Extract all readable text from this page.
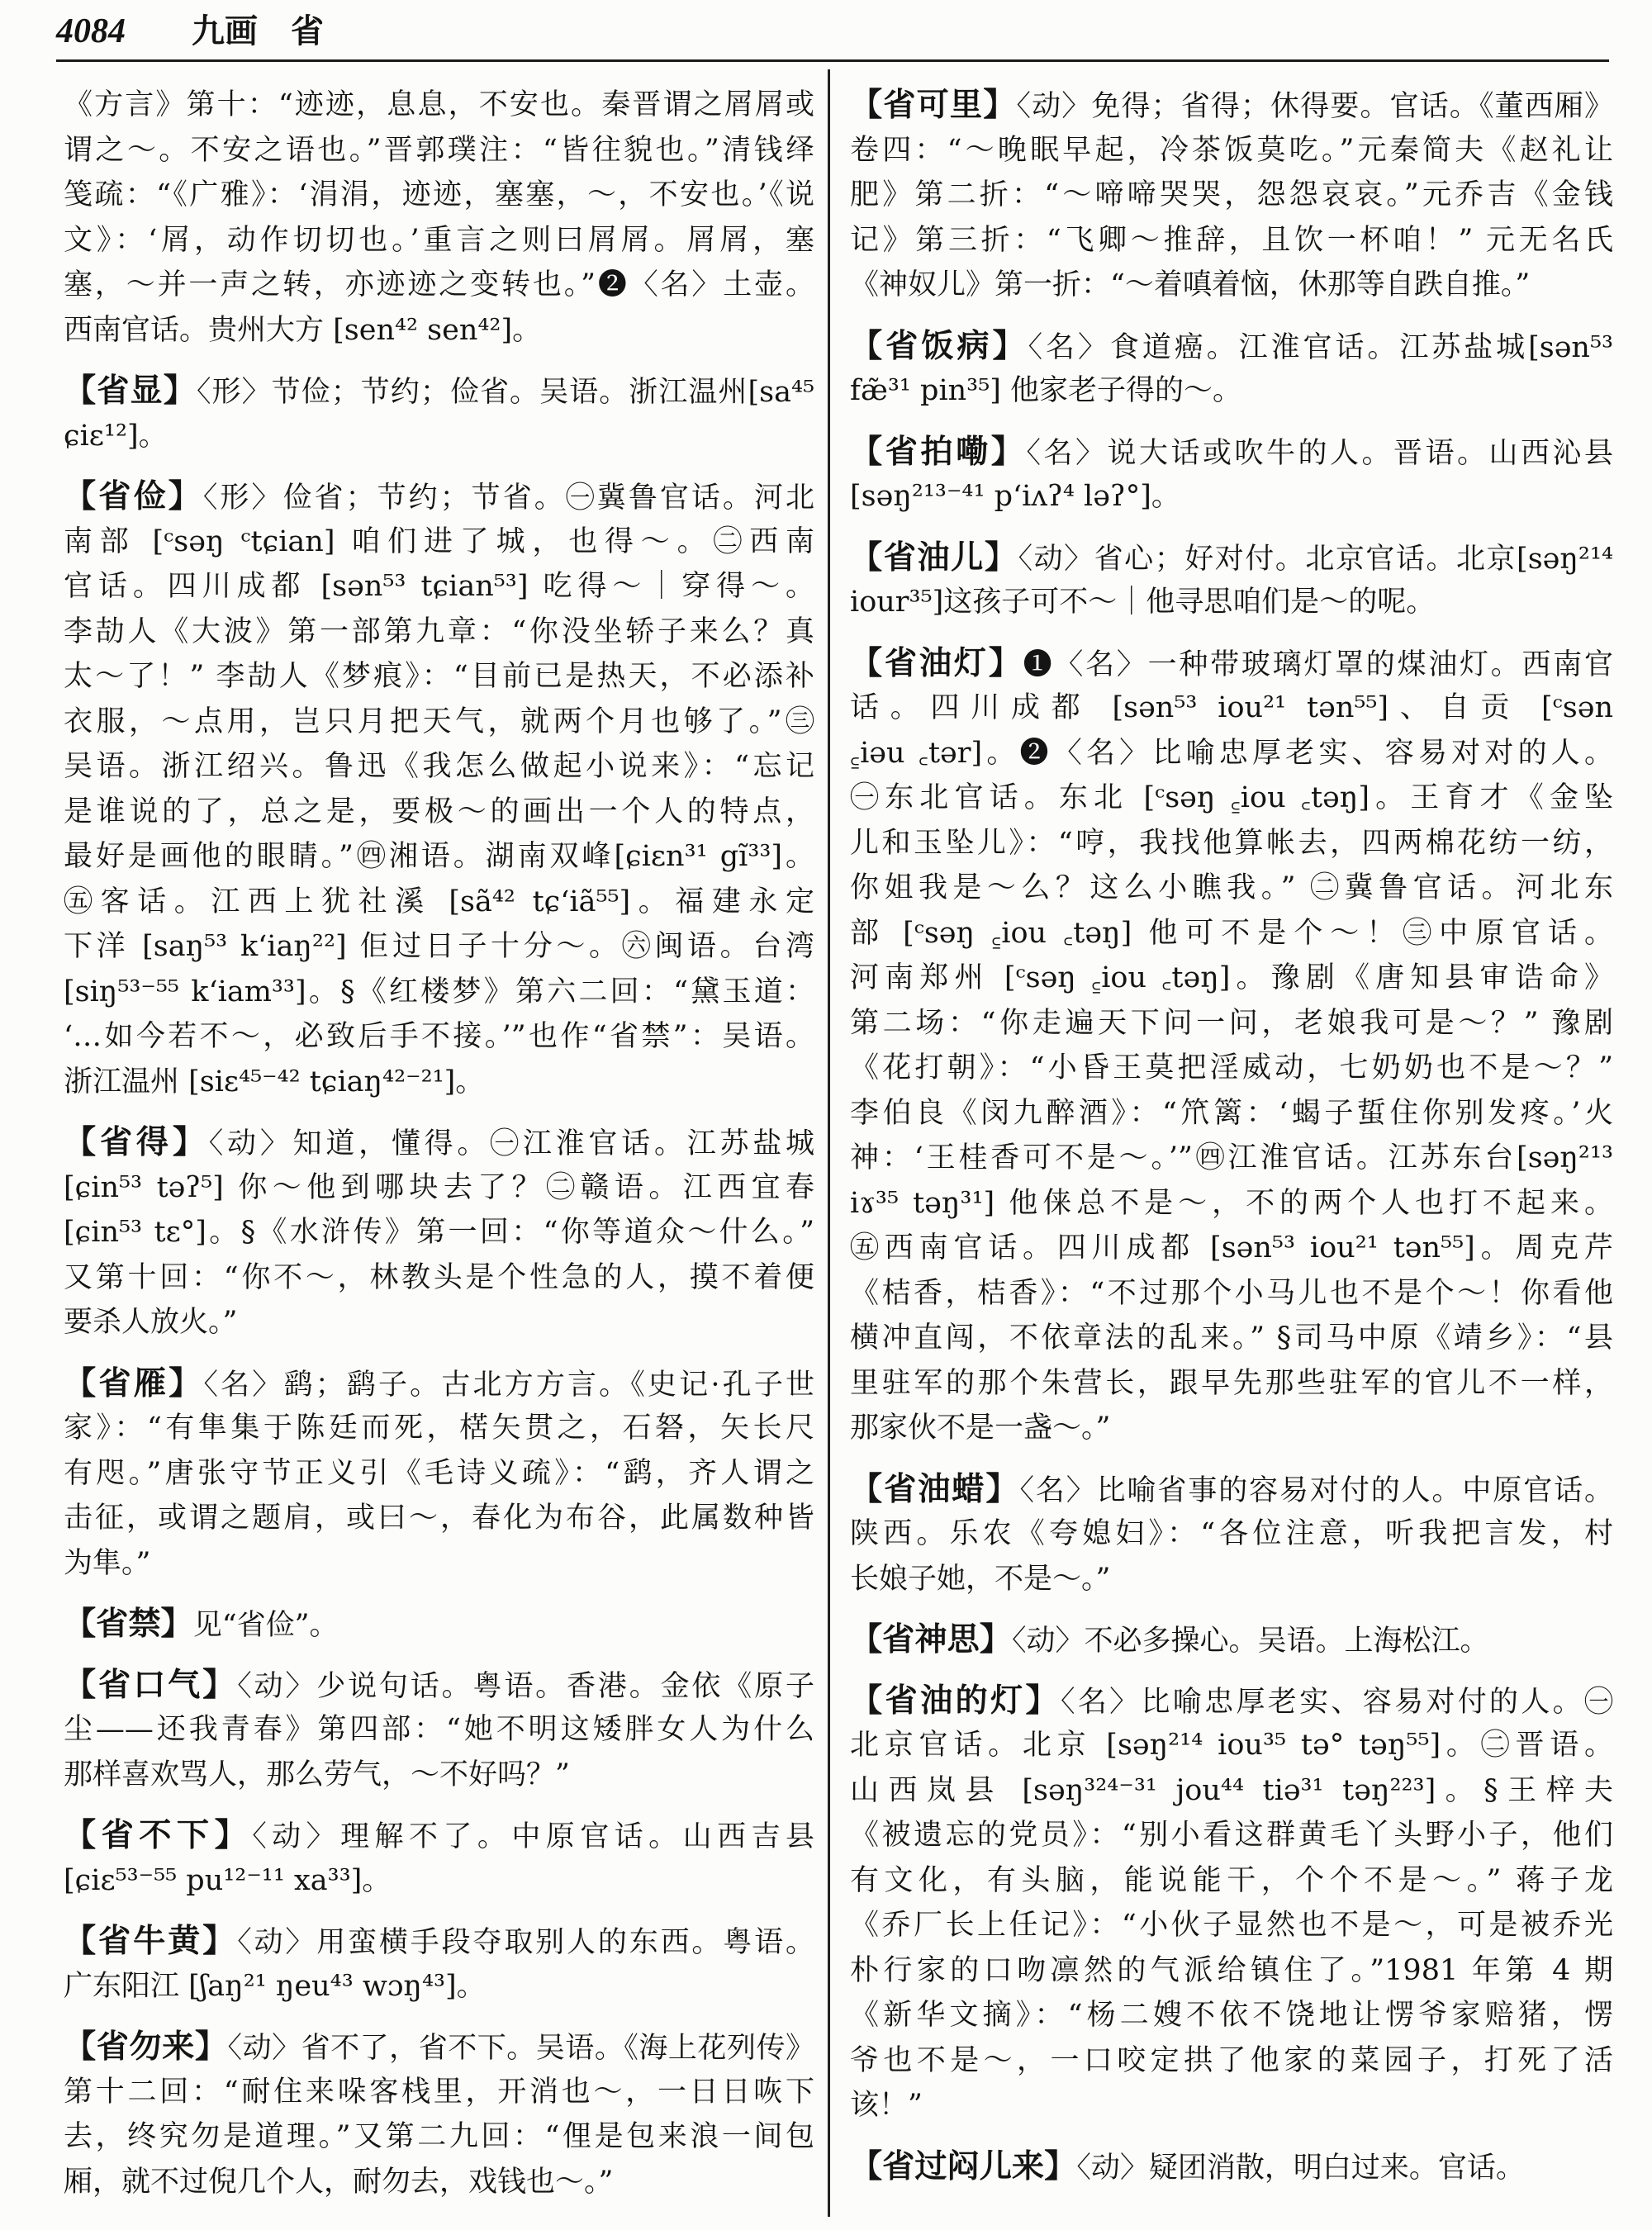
4084 九画 省
《方言》第十：“迹迹，息息，不安也。秦晋谓之屑屑或
谓之～。不安之语也。”晋郭璞注：“皆往貌也。”清钱绎
笺疏：“《广雅》：‘涓涓，迹迹，塞塞，～，不安也。’《说
文》：‘屑，动作切切也。’重言之则曰屑屑。屑屑，塞
塞，～并一声之转，亦迹迹之变转也。”❷〈名〉土壶。
西南官话。贵州大方 [sen⁴² sen⁴²]。
【省显】〈形〉节俭；节约；俭省。吴语。浙江温州[sa⁴⁵
ɕiɛ¹²]。
【省俭】〈形〉俭省；节约；节省。㊀冀鲁官话。河北
南部 [ᶜsəŋ ᶜtɕian] 咱们进了城，也得～。㊁西南
官话。四川成都 [sən⁵³ tɕian⁵³] 吃得～｜穿得～。
李劼人《大波》第一部第九章：“你没坐轿子来么？真
太～了！” 李劼人《梦痕》：“目前已是热天，不必添补
衣服，～点用，岂只月把天气，就两个月也够了。”㊂
吴语。浙江绍兴。鲁迅《我怎么做起小说来》：“忘记
是谁说的了，总之是，要极～的画出一个人的特点，
最好是画他的眼睛。”㊃湘语。湖南双峰[ɕiɛn³¹ gĩ³³]。
㊄客话。江西上犹社溪 [sã⁴² tɕʻiã⁵⁵]。福建永定
下洋 [saŋ⁵³ kʻiaŋ²²] 佢过日子十分～。㊅闽语。台湾
[siŋ⁵³⁻⁵⁵ kʻiam³³]。§《红楼梦》第六二回：“黛玉道：
‘…如今若不～，必致后手不接。’”也作“省禁”：吴语。
浙江温州 [siɛ⁴⁵⁻⁴² tɕiaŋ⁴²⁻²¹]。
【省得】〈动〉知道，懂得。㊀江淮官话。江苏盐城
[ɕin⁵³ təʔ⁵] 你～他到哪块去了？㊁赣语。江西宜春
[ɕin⁵³ tɛ°]。§《水浒传》第一回：“你等道众～什么。”
又第十回：“你不～，林教头是个性急的人，摸不着便
要杀人放火。”
【省雁】〈名〉鹞；鹞子。古北方方言。《史记·孔子世
家》：“有隼集于陈廷而死，楛矢贯之，石砮，矢长尺
有咫。”唐张守节正义引《毛诗义疏》：“鹞，齐人谓之
击征，或谓之题肩，或曰～，春化为布谷，此属数种皆
为隼。”
【省禁】见“省俭”。
【省口气】〈动〉少说句话。粤语。香港。金依《原子
尘——还我青春》第四部：“她不明这矮胖女人为什么
那样喜欢骂人，那么劳气，～不好吗？”
【省不下】〈动〉理解不了。中原官话。山西吉县
[ɕiɛ⁵³⁻⁵⁵ pu¹²⁻¹¹ xa³³]。
【省牛黄】〈动〉用蛮横手段夺取别人的东西。粤语。
广东阳江 [ʃaŋ²¹ ŋeu⁴³ wɔŋ⁴³]。
【省勿来】〈动〉省不了，省不下。吴语。《海上花列传》
第十二回：“耐住来哚客栈里，开消也～，一日日咴下
去，终究勿是道理。”又第二九回：“俚是包来浪一间包
厢，就不过倪几个人，耐勿去，戏钱也～。”
【省可里】〈动〉免得；省得；休得要。官话。《董西厢》
卷四：“～晚眠早起，冷茶饭莫吃。”元秦简夫《赵礼让
肥》第二折：“～啼啼哭哭，怨怨哀哀。”元乔吉《金钱
记》第三折：“飞卿～推辞，且饮一杯咱！” 元无名氏
《神奴儿》第一折：“～着嗔着恼，休那等自跌自推。”
【省饭病】〈名〉食道癌。江淮官话。江苏盐城[sən⁵³
fæ̃³¹ pin³⁵] 他家老子得的～。
【省拍嘞】〈名〉说大话或吹牛的人。晋语。山西沁县
[səŋ²¹³⁻⁴¹ pʻiʌʔ⁴ ləʔ°]。
【省油儿】〈动〉省心；好对付。北京官话。北京[səŋ²¹⁴
iour³⁵]这孩子可不～｜他寻思咱们是～的呢。
【省油灯】❶〈名〉一种带玻璃灯罩的煤油灯。西南官
话。四川成都 [sən⁵³ iou²¹ tən⁵⁵]、自贡 [ᶜsən
꜁iəu ꜀tər]。❷〈名〉比喻忠厚老实、容易对对的人。
㊀东北官话。东北 [ᶜsəŋ ꜁iou ꜀təŋ]。王育才《金坠
儿和玉坠儿》：“哼，我找他算帐去，四两棉花纺一纺，
你姐我是～么？这么小瞧我。” ㊁冀鲁官话。河北东
部 [ᶜsəŋ ꜁iou ꜀təŋ] 他可不是个～！㊂中原官话。
河南郑州 [ᶜsəŋ ꜁iou ꜀təŋ]。豫剧《唐知县审诰命》
第二场：“你走遍天下问一问，老娘我可是～？” 豫剧
《花打朝》：“小昏王莫把淫威动，七奶奶也不是～？”
李伯良《闵九醉酒》：“笊篱：‘蝎子蜇住你别发疼。’火
神：‘王桂香可不是～。’”㊃江淮官话。江苏东台[səŋ²¹³
iɤ³⁵ təŋ³¹] 他俫总不是～，不的两个人也打不起来。
㊄西南官话。四川成都 [sən⁵³ iou²¹ tən⁵⁵]。周克芹
《桔香，桔香》：“不过那个小马儿也不是个～！你看他
横冲直闯，不依章法的乱来。” §司马中原《靖乡》：“县
里驻军的那个朱营长，跟早先那些驻军的官儿不一样，
那家伙不是一盏～。”
【省油蜡】〈名〉比喻省事的容易对付的人。中原官话。
陕西。乐农《夸媳妇》：“各位注意，听我把言发，村
长娘子她，不是～。”
【省神思】〈动〉不必多操心。吴语。上海松江。
【省油的灯】〈名〉比喻忠厚老实、容易对付的人。㊀
北京官话。北京 [səŋ²¹⁴ iou³⁵ tə° təŋ⁵⁵]。㊁晋语。
山西岚县 [səŋ³²⁴⁻³¹ jou⁴⁴ tiə³¹ təŋ²²³]。§王梓夫
《被遗忘的党员》：“别小看这群黄毛丫头野小子，他们
有文化，有头脑，能说能干，个个不是～。” 蒋子龙
《乔厂长上任记》：“小伙子显然也不是～，可是被乔光
朴行家的口吻凛然的气派给镇住了。”1981 年第 4 期
《新华文摘》：“杨二嫂不依不饶地让愣爷家赔猪，愣
爷也不是～，一口咬定拱了他家的菜园子，打死了活
该！”
【省过闷儿来】〈动〉疑团消散，明白过来。官话。
